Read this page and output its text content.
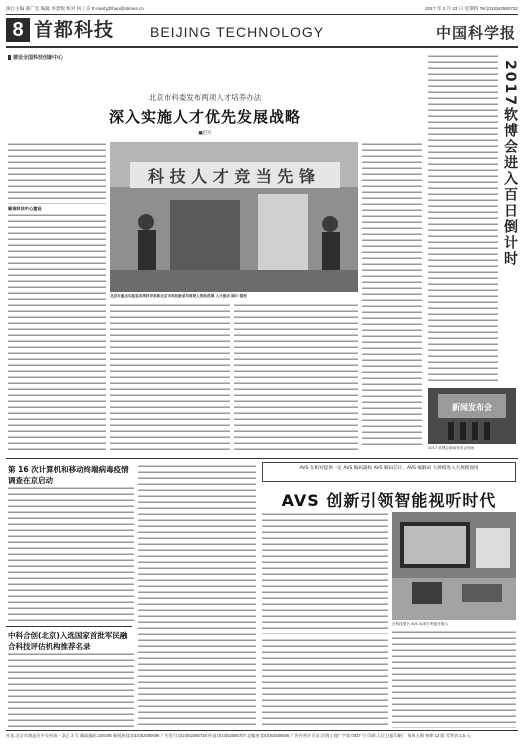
执行主编 郝广宏 编辑 李景悦 校对 何工京 E-mail:gfzhao@stimes.cn	2017 年 3 月 23 日 星期四 Tel:(010)62580722
8 首都科技	BEIJING TECHNOLOGY	中国科学报
建设全国科技创新中心
北京市科委发布两项人才培养办法
深入实施人才优先发展战略
■赵军
瞄准科技中心建设
科 技 人 才 竞 当 先 锋
北京市重点实验室首席科学家和北京市科技新星均将纳入资助范围 人才流动 图片·提供
2017软博会进入百日倒计时
新闻发布会
2017 软博会新闻发布会现场
第 16 次计算机和移动终端病毒疫情调查在京启动
中科合创(北京)入选国家首批军民融合科技评估机构推荐名录
AVS 在相对提供一定 AVS 编码器标 AVS 解码芯片、AVS 编解码 大规模进入大规模商用
AVS 创新引领智能视听时代
在科技展台 AVS 标准专利池作展示
社址:北京市海淀区中关村南一条乙 3 号 邮政编码:100190 新闻热线:(010)62580699 广告发行:(010)62580728 传真:(010)62580707 总编室:(010)62580606 广告经营许可证:京海工商广字第 0037 号 印刷:人民日报印刷厂 每周五期 每期 12 版 零售价:1.5 元
